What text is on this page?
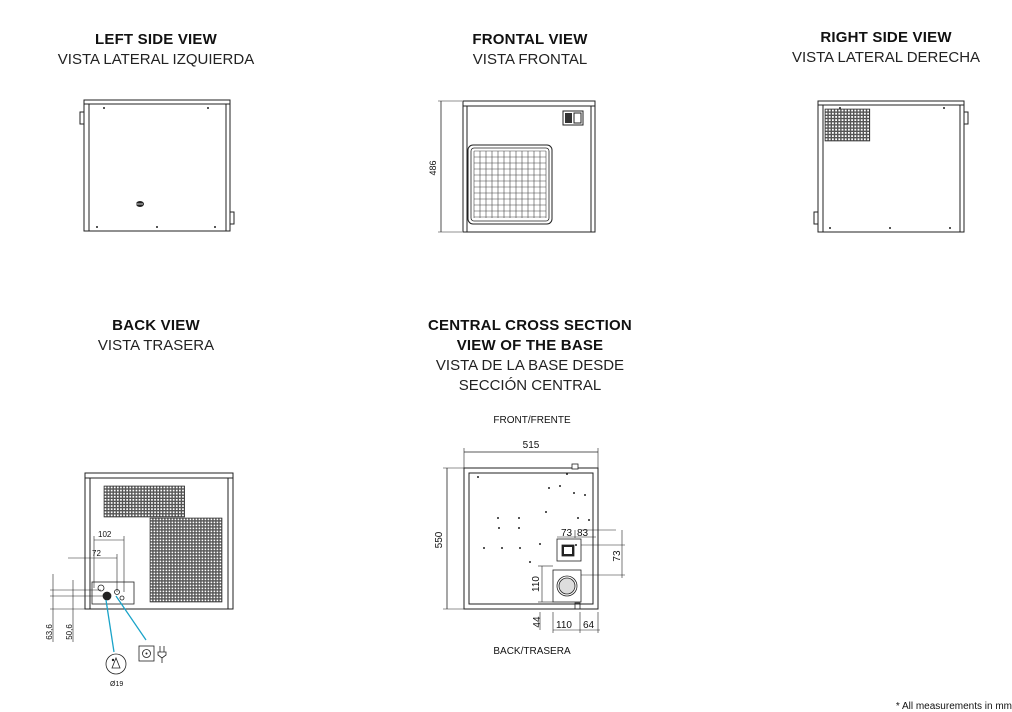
LEFT SIDE VIEW
VISTA LATERAL IZQUIERDA
FRONTAL VIEW
VISTA FRONTAL
RIGHT SIDE VIEW
VISTA LATERAL DERECHA
BACK VIEW
VISTA TRASERA
CENTRAL CROSS SECTION
VIEW OF THE BASE
VISTA DE LA BASE DESDE
SECCIÓN CENTRAL
486
102
72
63,6 50,6
Ø19
FRONT/FRENTE
BACK/TRASERA
515
550	73 83
73
110
44 110 64
* All measurements in mm
